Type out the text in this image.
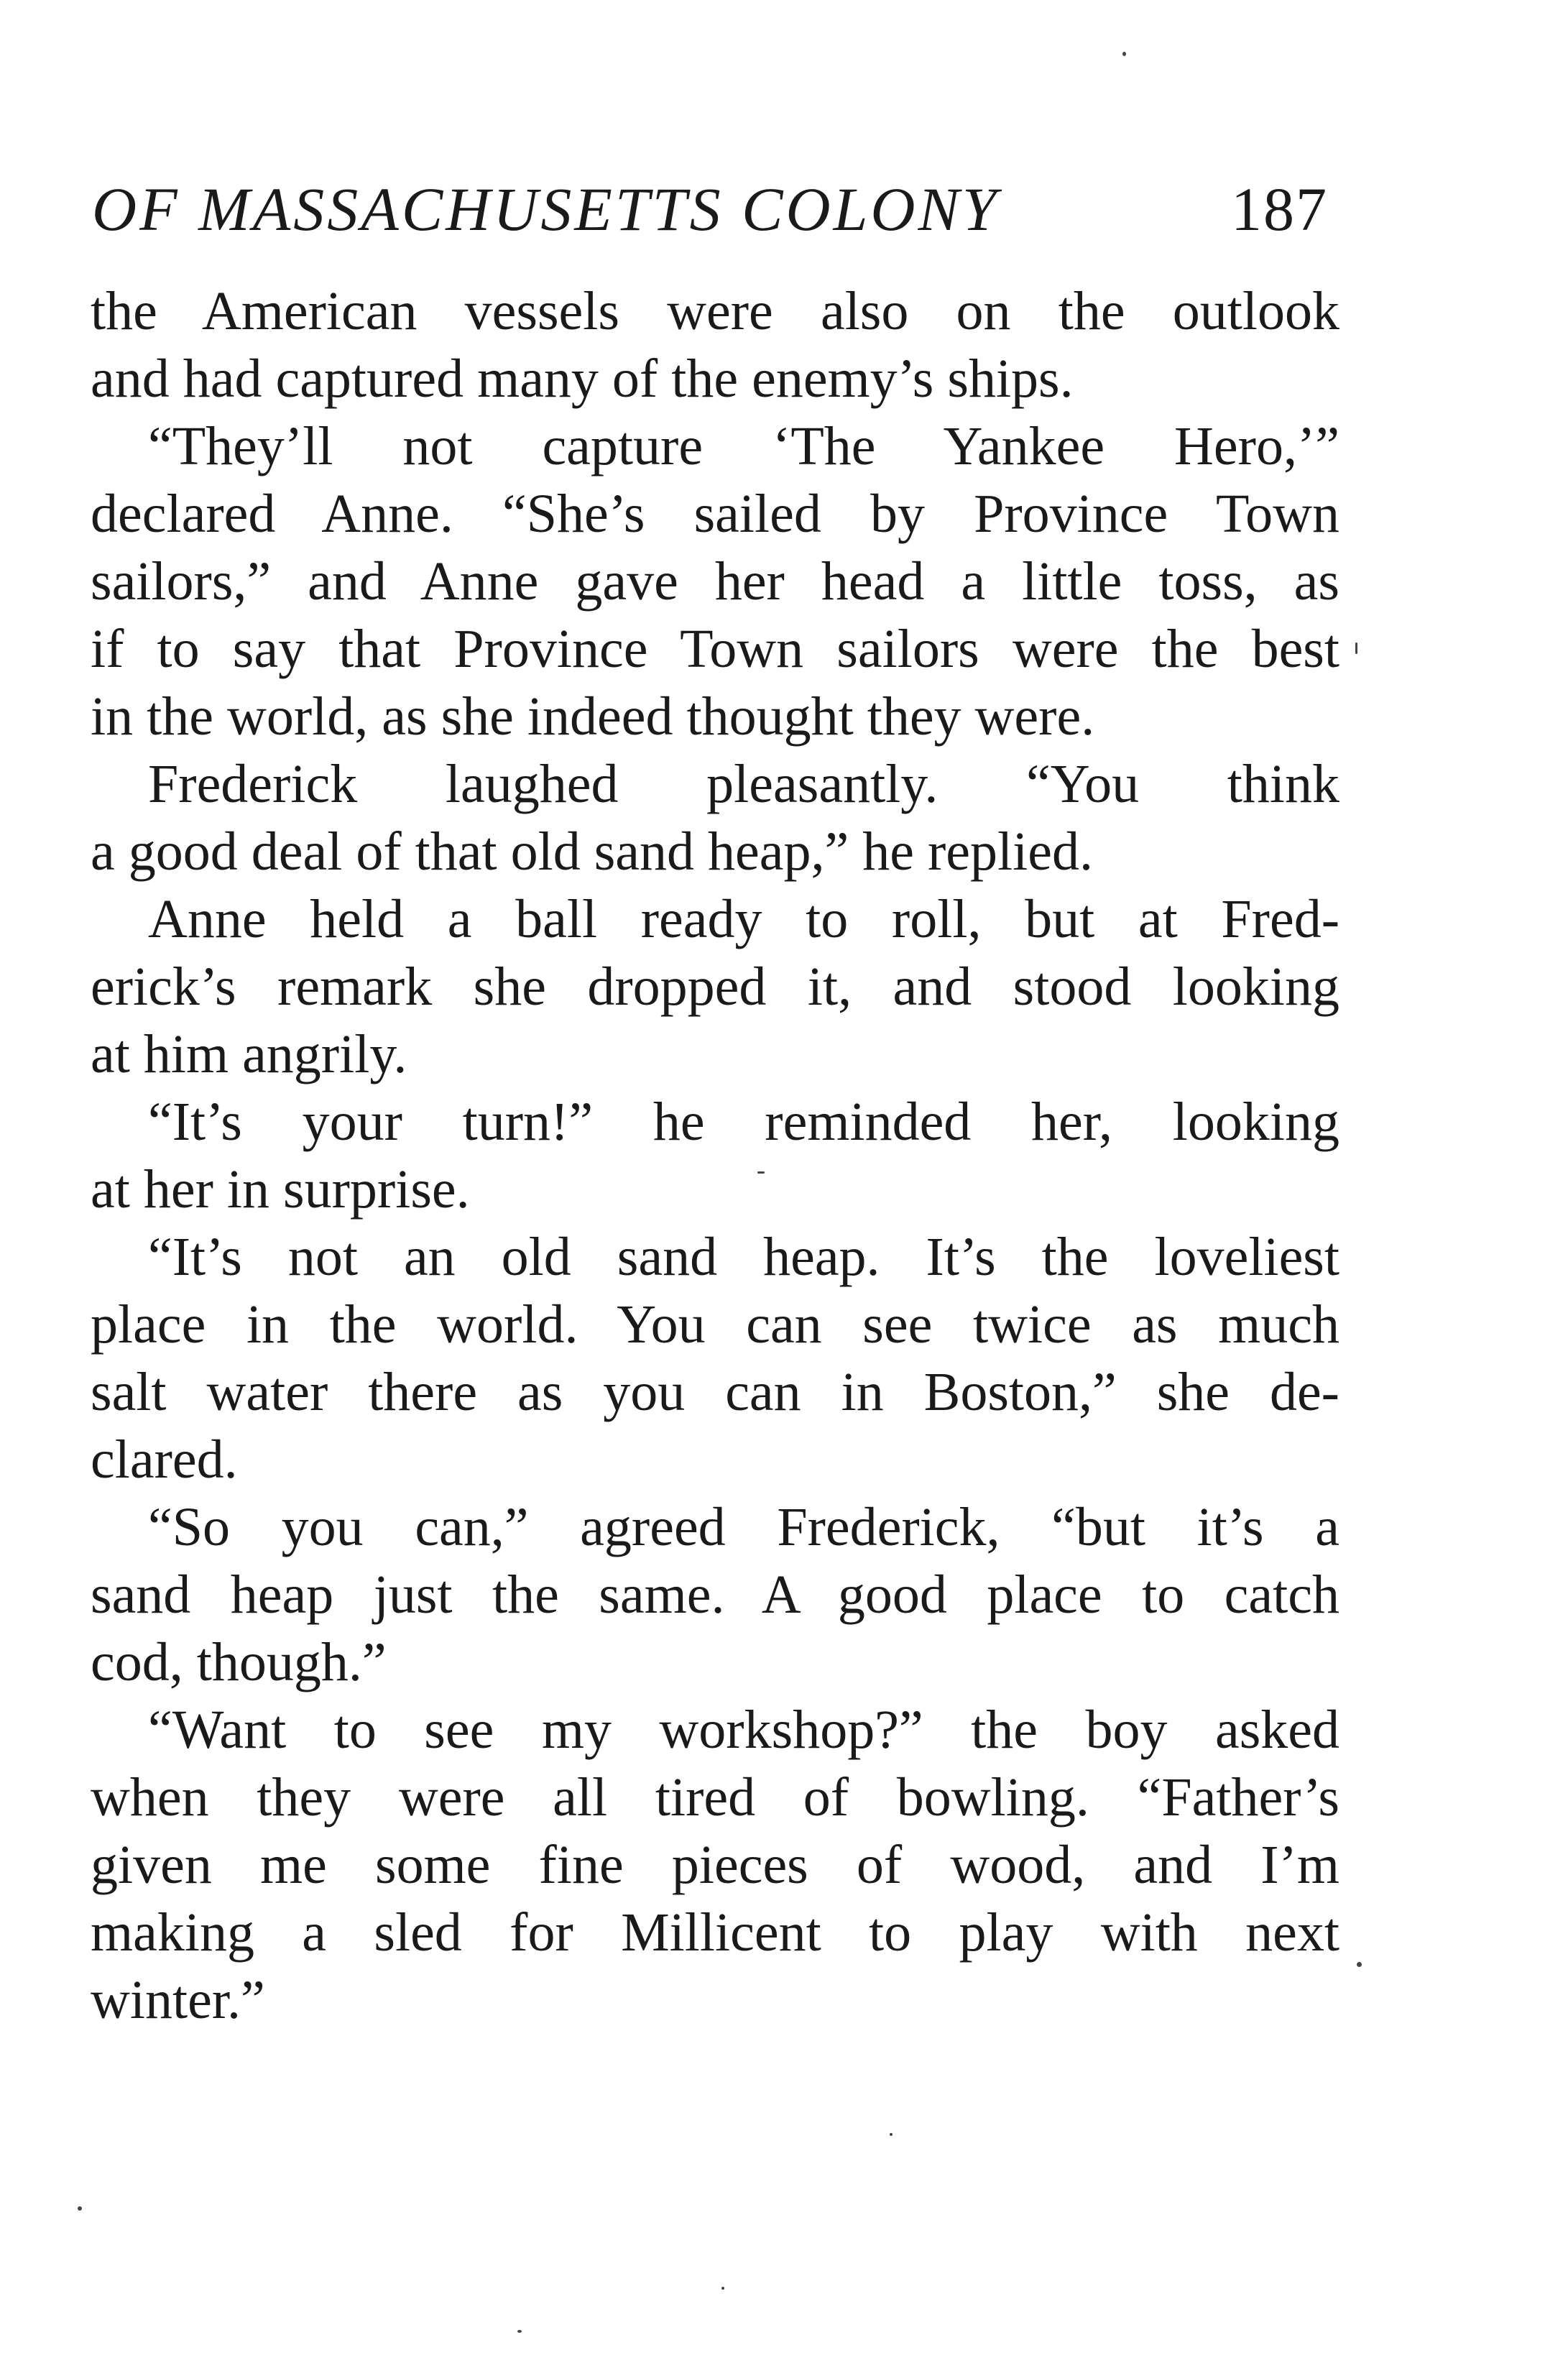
OF MASSACHUSETTS COLONY	187
the American vessels were also on the outlook
and had captured many of the enemy’s ships.
“They’ll not capture ‘The Yankee Hero,’”
declared Anne. “She’s sailed by Province Town
sailors,” and Anne gave her head a little toss, as
if to say that Province Town sailors were the best
in the world, as she indeed thought they were.
Frederick laughed pleasantly. “You think
a good deal of that old sand heap,” he replied.
Anne held a ball ready to roll, but at Fred-
erick’s remark she dropped it, and stood looking
at him angrily.
“It’s your turn!” he reminded her, looking
at her in surprise.
“It’s not an old sand heap. It’s the loveliest
place in the world. You can see twice as much
salt water there as you can in Boston,” she de-
clared.
“So you can,” agreed Frederick, “but it’s a
sand heap just the same. A good place to catch
cod, though.”
“Want to see my workshop?” the boy asked
when they were all tired of bowling. “Father’s
given me some fine pieces of wood, and I’m
making a sled for Millicent to play with next
winter.”
